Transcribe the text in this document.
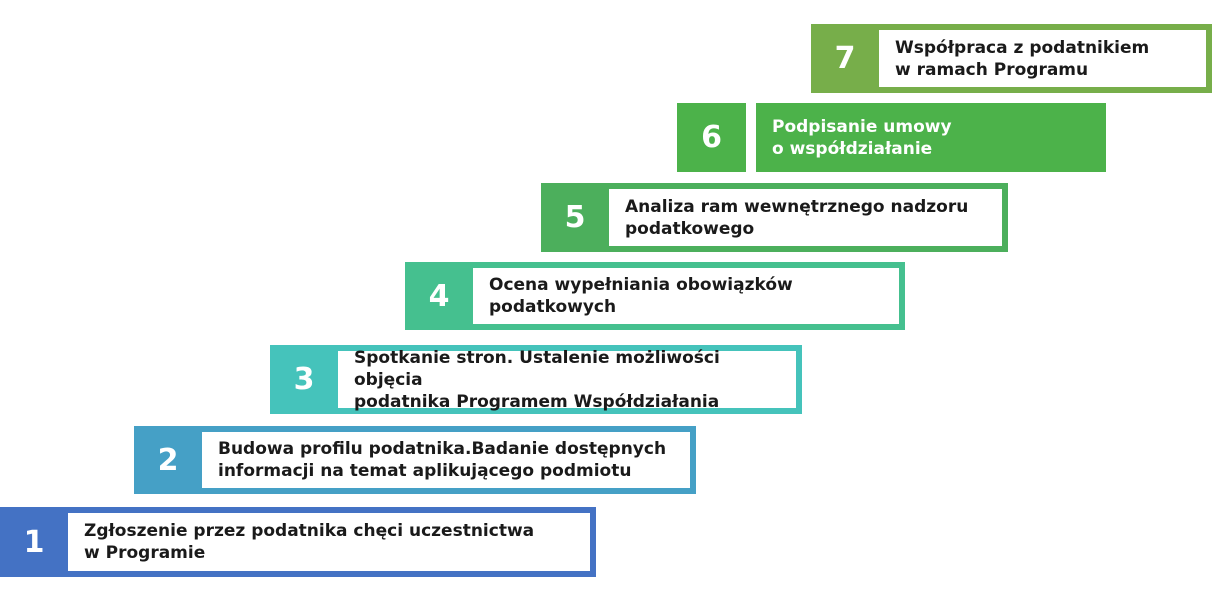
1	Zgłoszenie przez podatnika chęci uczestnictwa
w Programie
2	Budowa profilu podatnika.Badanie dostępnych
informacji na temat aplikującego podmiotu
3
Spotkanie stron. Ustalenie możliwości objęcia
podatnika Programem Współdziałania
4	Ocena wypełniania obowiązków
podatkowych
5	Analiza ram wewnętrznego nadzoru
podatkowego
6	Podpisanie umowy
o współdziałanie
7	Współpraca z podatnikiem
w ramach Programu
